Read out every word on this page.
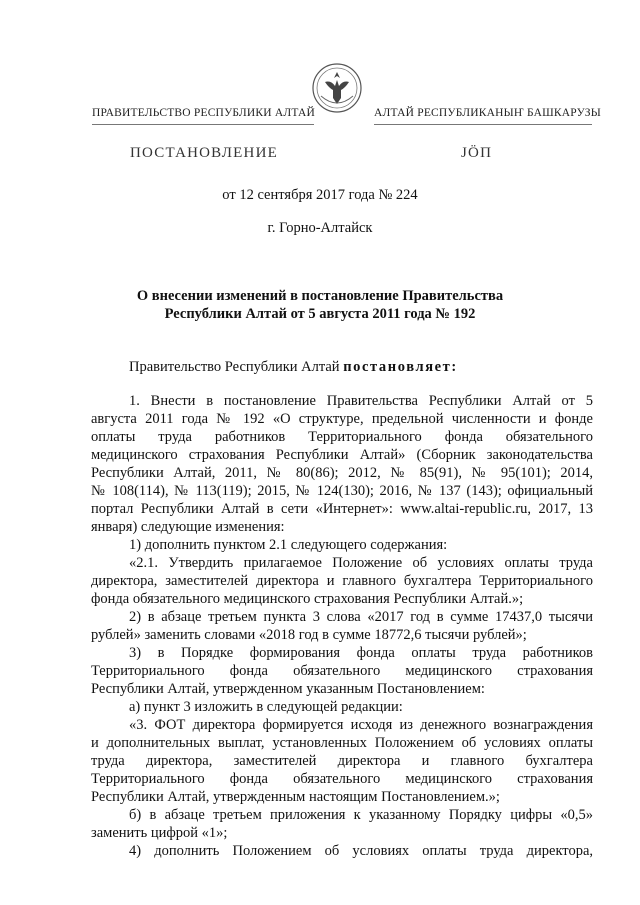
ПРАВИТЕЛЬСТВО РЕСПУБЛИКИ АЛТАЙ	АЛТАЙ РЕСПУБЛИКАНЫҤ БАШКАРУЗЫ
ПОСТАНОВЛЕНИЕ	JÖП
от 12 сентября 2017 года № 224
г. Горно-Алтайск
О внесении изменений в постановление Правительства
Республики Алтай от 5 августа 2011 года № 192
Правительство Республики Алтай постановляет:
1. Внести в постановление Правительства Республики Алтай от 5
августа 2011 года № 192 «О структуре, предельной численности и фонде
оплаты труда работников Территориального фонда обязательного
медицинского страхования Республики Алтай» (Сборник законодательства
Республики Алтай, 2011, № 80(86); 2012, № 85(91), № 95(101); 2014,
№ 108(114), № 113(119); 2015, № 124(130); 2016, № 137 (143); официальный
портал Республики Алтай в сети «Интернет»: www.altai-republic.ru, 2017, 13
января) следующие изменения:
1) дополнить пунктом 2.1 следующего содержания:
«2.1. Утвердить прилагаемое Положение об условиях оплаты труда
директора, заместителей директора и главного бухгалтера Территориального
фонда обязательного медицинского страхования Республики Алтай.»;
2) в абзаце третьем пункта 3 слова «2017 год в сумме 17437,0 тысячи
рублей» заменить словами «2018 год в сумме 18772,6 тысячи рублей»;
3) в Порядке формирования фонда оплаты труда работников
Территориального фонда обязательного медицинского страхования
Республики Алтай, утвержденном указанным Постановлением:
а) пункт 3 изложить в следующей редакции:
«3. ФОТ директора формируется исходя из денежного вознаграждения
и дополнительных выплат, установленных Положением об условиях оплаты
труда директора, заместителей директора и главного бухгалтера
Территориального фонда обязательного медицинского страхования
Республики Алтай, утвержденным настоящим Постановлением.»;
б) в абзаце третьем приложения к указанному Порядку цифры «0,5»
заменить цифрой «1»;
4) дополнить Положением об условиях оплаты труда директора,
